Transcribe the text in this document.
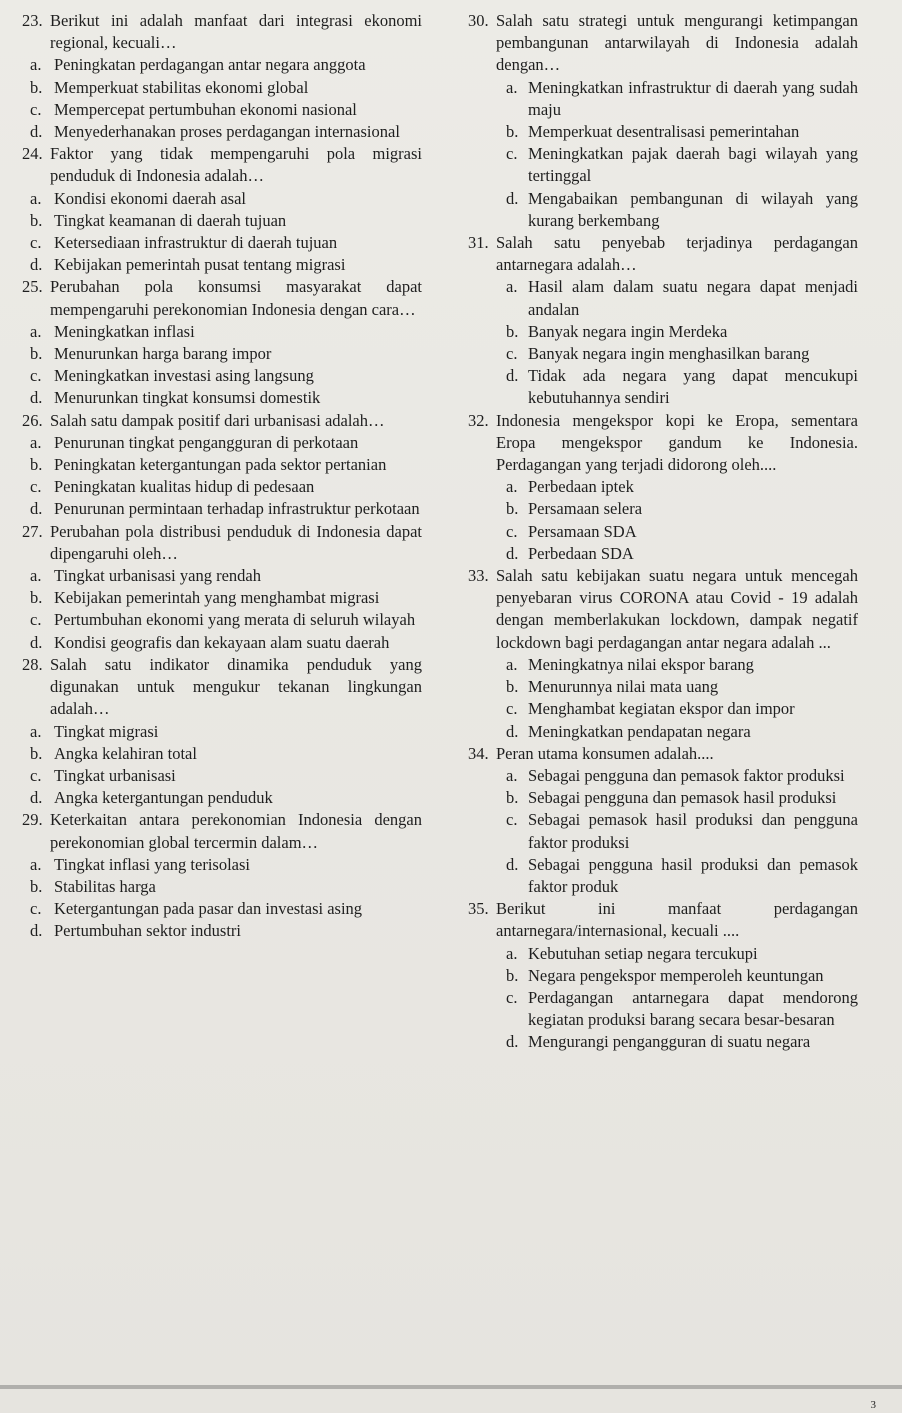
23. Berikut ini adalah manfaat dari integrasi ekonomi regional, kecuali…
a. Peningkatan perdagangan antar negara anggota
b. Memperkuat stabilitas ekonomi global
c. Mempercepat pertumbuhan ekonomi nasional
d. Menyederhanakan proses perdagangan internasional
24. Faktor yang tidak mempengaruhi pola migrasi penduduk di Indonesia adalah…
a. Kondisi ekonomi daerah asal
b. Tingkat keamanan di daerah tujuan
c. Ketersediaan infrastruktur di daerah tujuan
d. Kebijakan pemerintah pusat tentang migrasi
25. Perubahan pola konsumsi masyarakat dapat mempengaruhi perekonomian Indonesia dengan cara…
a. Meningkatkan inflasi
b. Menurunkan harga barang impor
c. Meningkatkan investasi asing langsung
d. Menurunkan tingkat konsumsi domestik
26. Salah satu dampak positif dari urbanisasi adalah…
a. Penurunan tingkat pengangguran di perkotaan
b. Peningkatan ketergantungan pada sektor pertanian
c. Peningkatan kualitas hidup di pedesaan
d. Penurunan permintaan terhadap infrastruktur perkotaan
27. Perubahan pola distribusi penduduk di Indonesia dapat dipengaruhi oleh…
a. Tingkat urbanisasi yang rendah
b. Kebijakan pemerintah yang menghambat migrasi
c. Pertumbuhan ekonomi yang merata di seluruh wilayah
d. Kondisi geografis dan kekayaan alam suatu daerah
28. Salah satu indikator dinamika penduduk yang digunakan untuk mengukur tekanan lingkungan adalah…
a. Tingkat migrasi
b. Angka kelahiran total
c. Tingkat urbanisasi
d. Angka ketergantungan penduduk
29. Keterkaitan antara perekonomian Indonesia dengan perekonomian global tercermin dalam…
a. Tingkat inflasi yang terisolasi
b. Stabilitas harga
c. Ketergantungan pada pasar dan investasi asing
d. Pertumbuhan sektor industri
30. Salah satu strategi untuk mengurangi ketimpangan pembangunan antarwilayah di Indonesia adalah dengan…
a. Meningkatkan infrastruktur di daerah yang sudah maju
b. Memperkuat desentralisasi pemerintahan
c. Meningkatkan pajak daerah bagi wilayah yang tertinggal
d. Mengabaikan pembangunan di wilayah yang kurang berkembang
31. Salah satu penyebab terjadinya perdagangan antarnegara adalah…
a. Hasil alam dalam suatu negara dapat menjadi andalan
b. Banyak negara ingin Merdeka
c. Banyak negara ingin menghasilkan barang
d. Tidak ada negara yang dapat mencukupi kebutuhannya sendiri
32. Indonesia mengekspor kopi ke Eropa, sementara Eropa mengekspor gandum ke Indonesia. Perdagangan yang terjadi didorong oleh....
a. Perbedaan iptek
b. Persamaan selera
c. Persamaan SDA
d. Perbedaan SDA
33. Salah satu kebijakan suatu negara untuk mencegah penyebaran virus CORONA atau Covid - 19 adalah dengan memberlakukan lockdown, dampak negatif lockdown bagi perdagangan antar negara adalah ...
a. Meningkatnya nilai ekspor barang
b. Menurunnya nilai mata uang
c. Menghambat kegiatan ekspor dan impor
d. Meningkatkan pendapatan negara
34. Peran utama konsumen adalah....
a. Sebagai pengguna dan pemasok faktor produksi
b. Sebagai pengguna dan pemasok hasil produksi
c. Sebagai pemasok hasil produksi dan pengguna faktor produksi
d. Sebagai pengguna hasil produksi dan pemasok faktor produk
35. Berikut ini manfaat perdagangan antarnegara/internasional, kecuali ....
a. Kebutuhan setiap negara tercukupi
b. Negara pengekspor memperoleh keuntungan
c. Perdagangan antarnegara dapat mendorong kegiatan produksi barang secara besar-besaran
d. Mengurangi pengangguran di suatu negara
3
